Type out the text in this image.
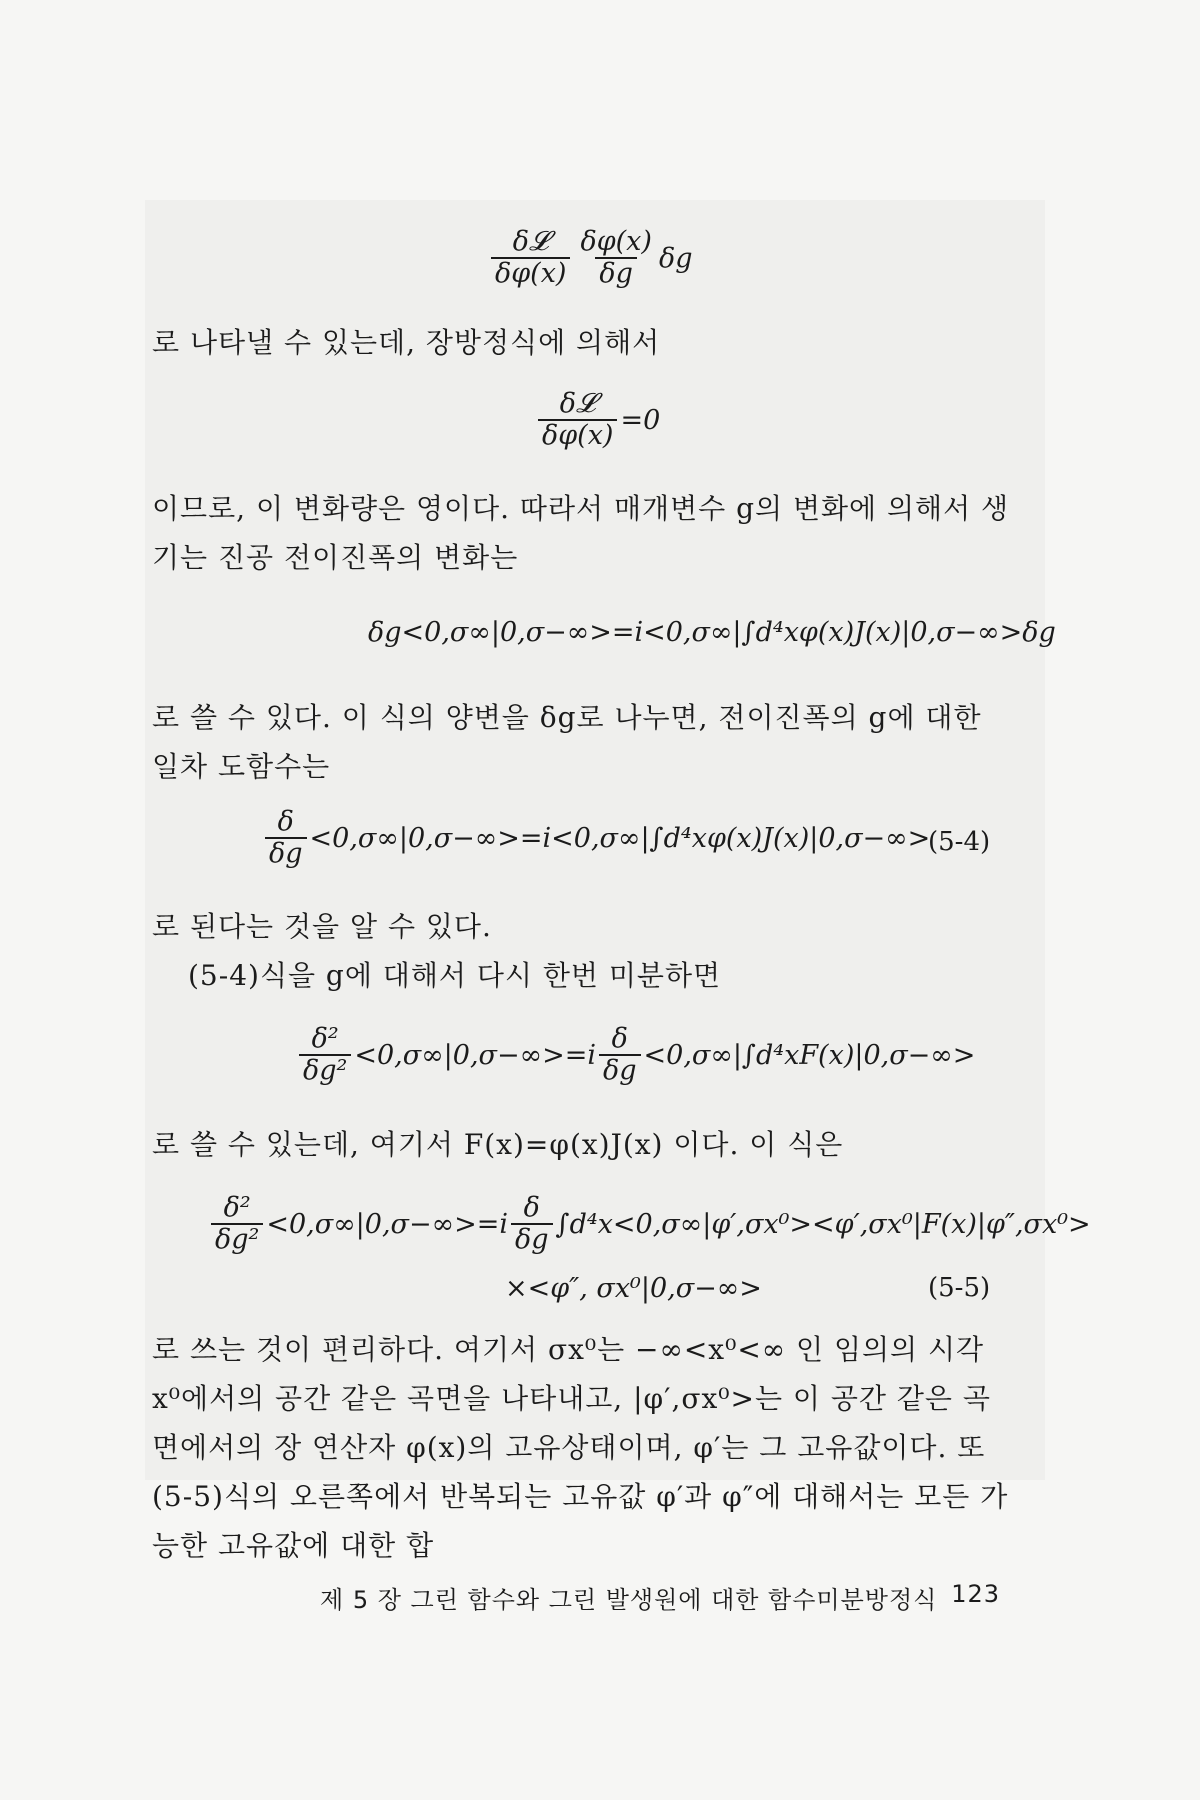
$\frac{\text{δ𝓛}}{\delta\varphi(x)} \frac{\delta\varphi(x)}{\delta g}$ δg
로 나타낼 수 있는데, 장방정식에 의해서
$\frac{\text{δ𝓛}}{\delta\varphi(x)} =0$
이므로, 이 변화량은 영이다. 따라서 매개변수 g의 변화에 의해서 생기는 진공 전이진폭의 변화는
δg<0,σ∞|0,σ−∞>=i<0,σ∞|∫d⁴xφ(x)J(x)|0,σ−∞>δg
로 쓸 수 있다. 이 식의 양변을 δg로 나누면, 전이진폭의 g에 대한 일차 도함수는
$\frac{\delta}{\delta g} <0,\sigma\infty|0,\sigma-\infty>=i<0,\sigma\infty|\int d^4x\varphi(x)J(x)|0,\sigma-\infty>$
(5-4)
로 된다는 것을 알 수 있다.
(5-4)식을 g에 대해서 다시 한번 미분하면
$\frac{\text{δ²}}{\text{δg²}} <0,\sigma\infty|0,\sigma-\infty>=i \frac{\delta}{\delta g} <0,\sigma\infty|\int d^4xF(x)|0,\sigma-\infty>$
로 쓸 수 있는데, 여기서 F(x)=φ(x)J(x) 이다. 이 식은
$\frac{\text{δ²}}{\text{δg²}} <0,\sigma\infty|0,\sigma-\infty>=i \frac{\delta}{\delta g} \int d^4x<0,\sigma\infty|\varphi',\sigma x^0><\varphi',\sigma x^0|F(x)|\varphi'',\sigma x^0>$
×<φ″, σx⁰|0,σ−∞>	(5-5)
로 쓰는 것이 편리하다. 여기서 σx⁰는 −∞<x⁰<∞ 인 임의의 시각 x⁰에서의 공간 같은 곡면을 나타내고, |φ′,σx⁰>는 이 공간 같은 곡면에서의 장 연산자 φ(x)의 고유상태이며, φ′는 그 고유값이다. 또 (5-5)식의 오른쪽에서 반복되는 고유값 φ′과 φ″에 대해서는 모든 가능한 고유값에 대한 합
제 5 장 그린 함수와 그린 발생원에 대한 함수미분방정식 123
